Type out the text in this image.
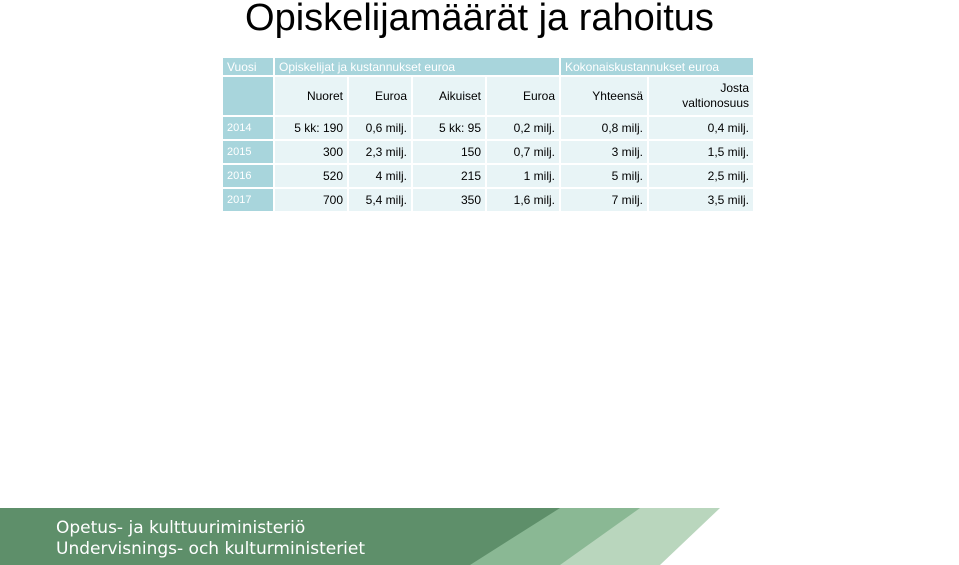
Opiskelijamäärät ja rahoitus
Vuosi	Opiskelijat ja kustannukset euroa				Kokonaiskustannukset euroa	
	Nuoret	Euroa	Aikuiset	Euroa	Yhteensä	Josta valtionosuus
2014	5 kk: 190	0,6 milj.	5 kk: 95	0,2 milj.	0,8 milj.	0,4 milj.
2015	300	2,3 milj.	150	0,7 milj.	3 milj.	1,5 milj.
2016	520	4 milj.	215	1 milj.	5 milj.	2,5 milj.
2017	700	5,4 milj.	350	1,6 milj.	7 milj.	3,5 milj.
Opetus- ja kulttuuriministeriö
Undervisnings- och kulturministeriet
